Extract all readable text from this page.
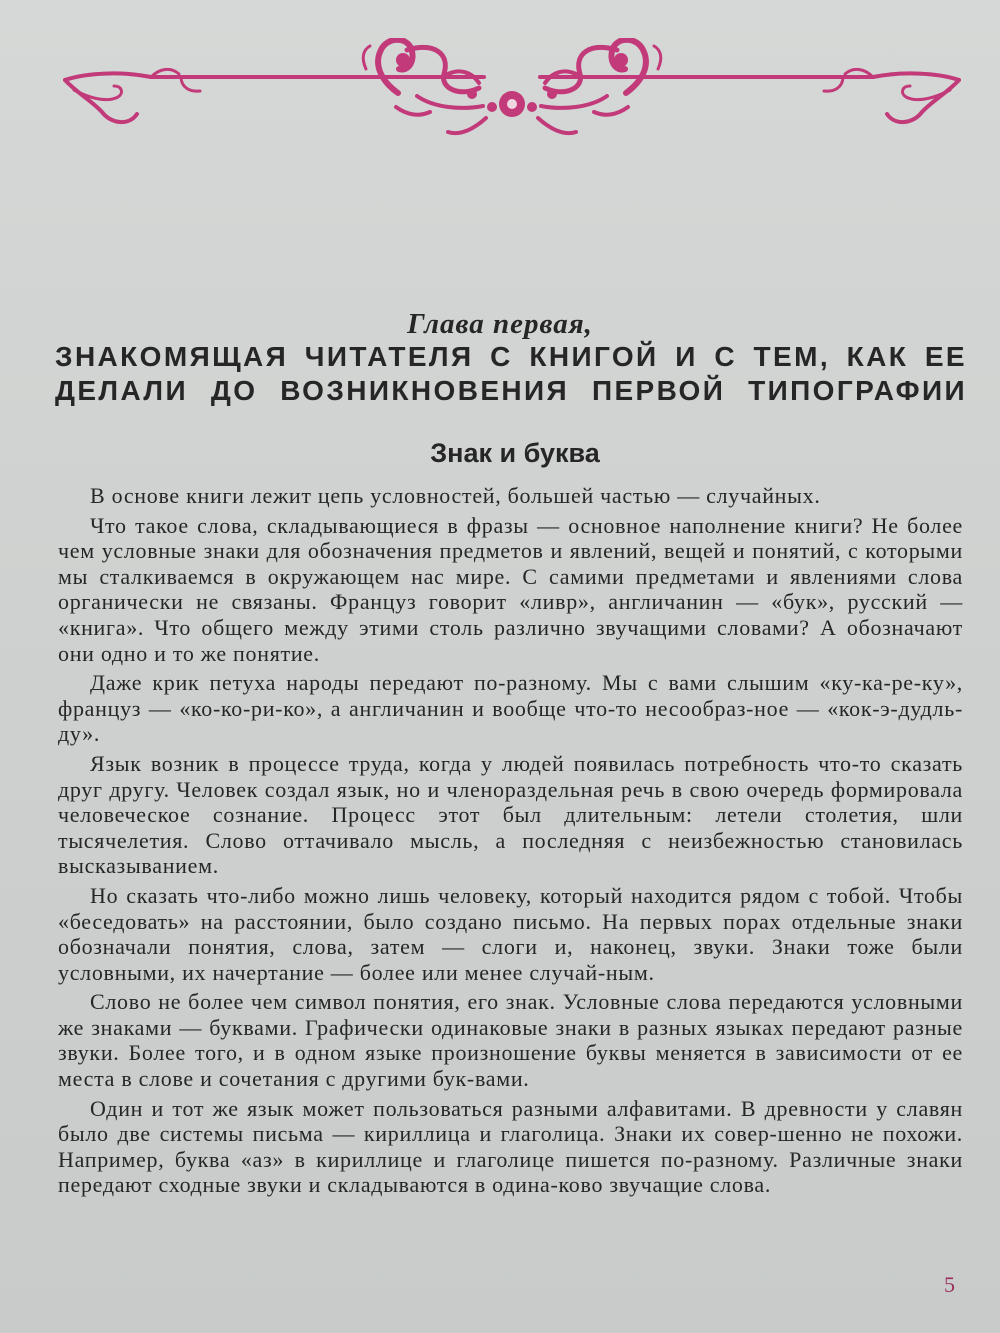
Глава первая,
ЗНАКОМЯЩАЯ ЧИТАТЕЛЯ С КНИГОЙ И С ТЕМ, КАК ЕЕ
ДЕЛАЛИ ДО ВОЗНИКНОВЕНИЯ ПЕРВОЙ ТИПОГРАФИИ
Знак и буква

В основе книги лежит цепь условностей, большей частью — случайных.

Что такое слова, складывающиеся в фразы — основное наполнение книги? Не более чем условные знаки для обозначения предметов и явлений, вещей и понятий, с которыми мы сталкиваемся в окружающем нас мире. С самими предметами и явлениями слова органически не связаны. Француз говорит «ливр», англичанин — «бук», русский — «книга». Что общего между этими столь различно звучащими словами? А обозначают они одно и то же понятие.

Даже крик петуха народы передают по-разному. Мы с вами слышим «ку-ка-ре-ку», француз — «ко-ко-ри-ко», а англичанин и вообще что-то несообраз-ное — «кок-э-дудль-ду».

Язык возник в процессе труда, когда у людей появилась потребность что-то сказать друг другу. Человек создал язык, но и членораздельная речь в свою очередь формировала человеческое сознание. Процесс этот был длительным: летели столетия, шли тысячелетия. Слово оттачивало мысль, а последняя с неизбежностью становилась высказыванием.

Но сказать что-либо можно лишь человеку, который находится рядом с тобой. Чтобы «беседовать» на расстоянии, было создано письмо. На первых порах отдельные знаки обозначали понятия, слова, затем — слоги и, наконец, звуки. Знаки тоже были условными, их начертание — более или менее случай-ным.

Слово не более чем символ понятия, его знак. Условные слова передаются условными же знаками — буквами. Графически одинаковые знаки в разных языках передают разные звуки. Более того, и в одном языке произношение буквы меняется в зависимости от ее места в слове и сочетания с другими бук-вами.

Один и тот же язык может пользоваться разными алфавитами. В древности у славян было две системы письма — кириллица и глаголица. Знаки их совер-шенно не похожи. Например, буква «аз» в кириллице и глаголице пишется по-разному. Различные знаки передают сходные звуки и складываются в одина-ково звучащие слова.

5
